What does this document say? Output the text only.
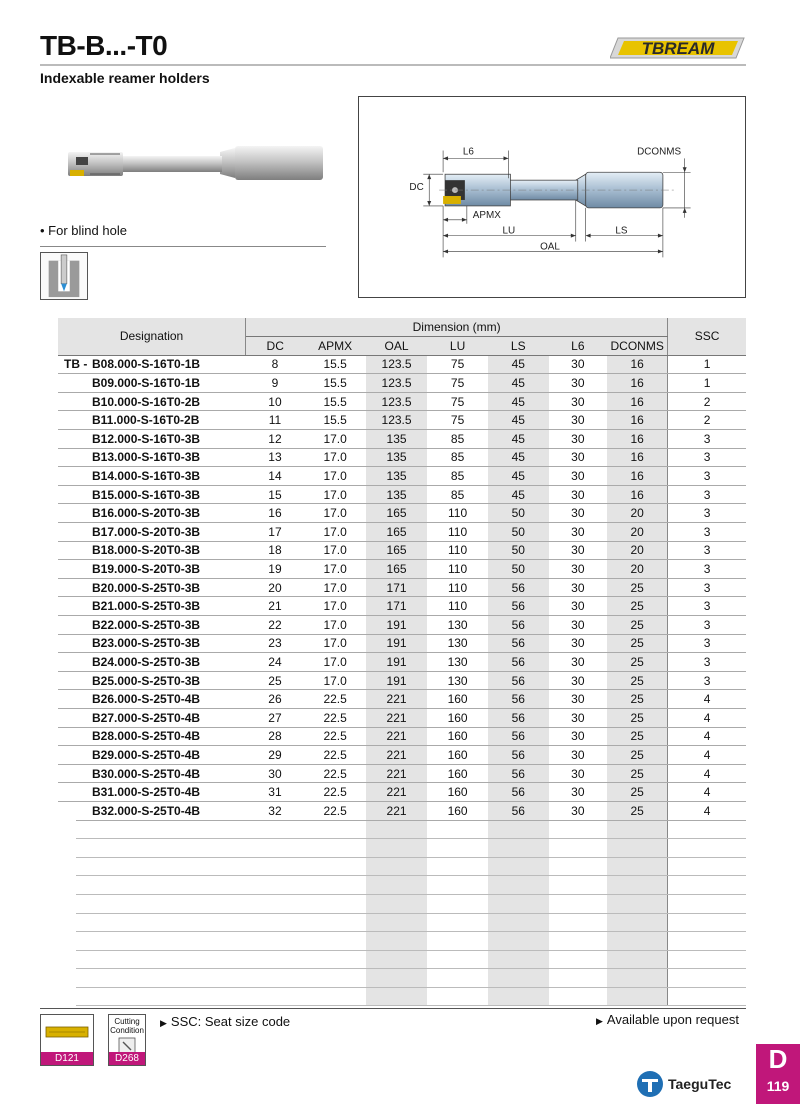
TB-B...-T0
Indexable reamer holders
TBREAM
• For blind hole
L6	DCONMS
DC
APMX
LU	LS
OAL
Designation	Dimension (mm)							SSC
	DC	APMX	OAL	LU	LS	L6	DCONMS	
TB - B08.000-S-16T0-1B	8	15.5	123.5	75	45	30	16	1
B09.000-S-16T0-1B	9	15.5	123.5	75	45	30	16	1
B10.000-S-16T0-2B	10	15.5	123.5	75	45	30	16	2
B11.000-S-16T0-2B	11	15.5	123.5	75	45	30	16	2
B12.000-S-16T0-3B	12	17.0	135	85	45	30	16	3
B13.000-S-16T0-3B	13	17.0	135	85	45	30	16	3
B14.000-S-16T0-3B	14	17.0	135	85	45	30	16	3
B15.000-S-16T0-3B	15	17.0	135	85	45	30	16	3
B16.000-S-20T0-3B	16	17.0	165	110	50	30	20	3
B17.000-S-20T0-3B	17	17.0	165	110	50	30	20	3
B18.000-S-20T0-3B	18	17.0	165	110	50	30	20	3
B19.000-S-20T0-3B	19	17.0	165	110	50	30	20	3
B20.000-S-25T0-3B	20	17.0	171	110	56	30	25	3
B21.000-S-25T0-3B	21	17.0	171	110	56	30	25	3
B22.000-S-25T0-3B	22	17.0	191	130	56	30	25	3
B23.000-S-25T0-3B	23	17.0	191	130	56	30	25	3
B24.000-S-25T0-3B	24	17.0	191	130	56	30	25	3
B25.000-S-25T0-3B	25	17.0	191	130	56	30	25	3
B26.000-S-25T0-4B	26	22.5	221	160	56	30	25	4
B27.000-S-25T0-4B	27	22.5	221	160	56	30	25	4
B28.000-S-25T0-4B	28	22.5	221	160	56	30	25	4
B29.000-S-25T0-4B	29	22.5	221	160	56	30	25	4
B30.000-S-25T0-4B	30	22.5	221	160	56	30	25	4
B31.000-S-25T0-4B	31	22.5	221	160	56	30	25	4
B32.000-S-25T0-4B	32	22.5	221	160	56	30	25	4

D121
Cutting Condition
D268
▶ SSC: Seat size code	▶ Available upon request
D
119
TaeguTec
